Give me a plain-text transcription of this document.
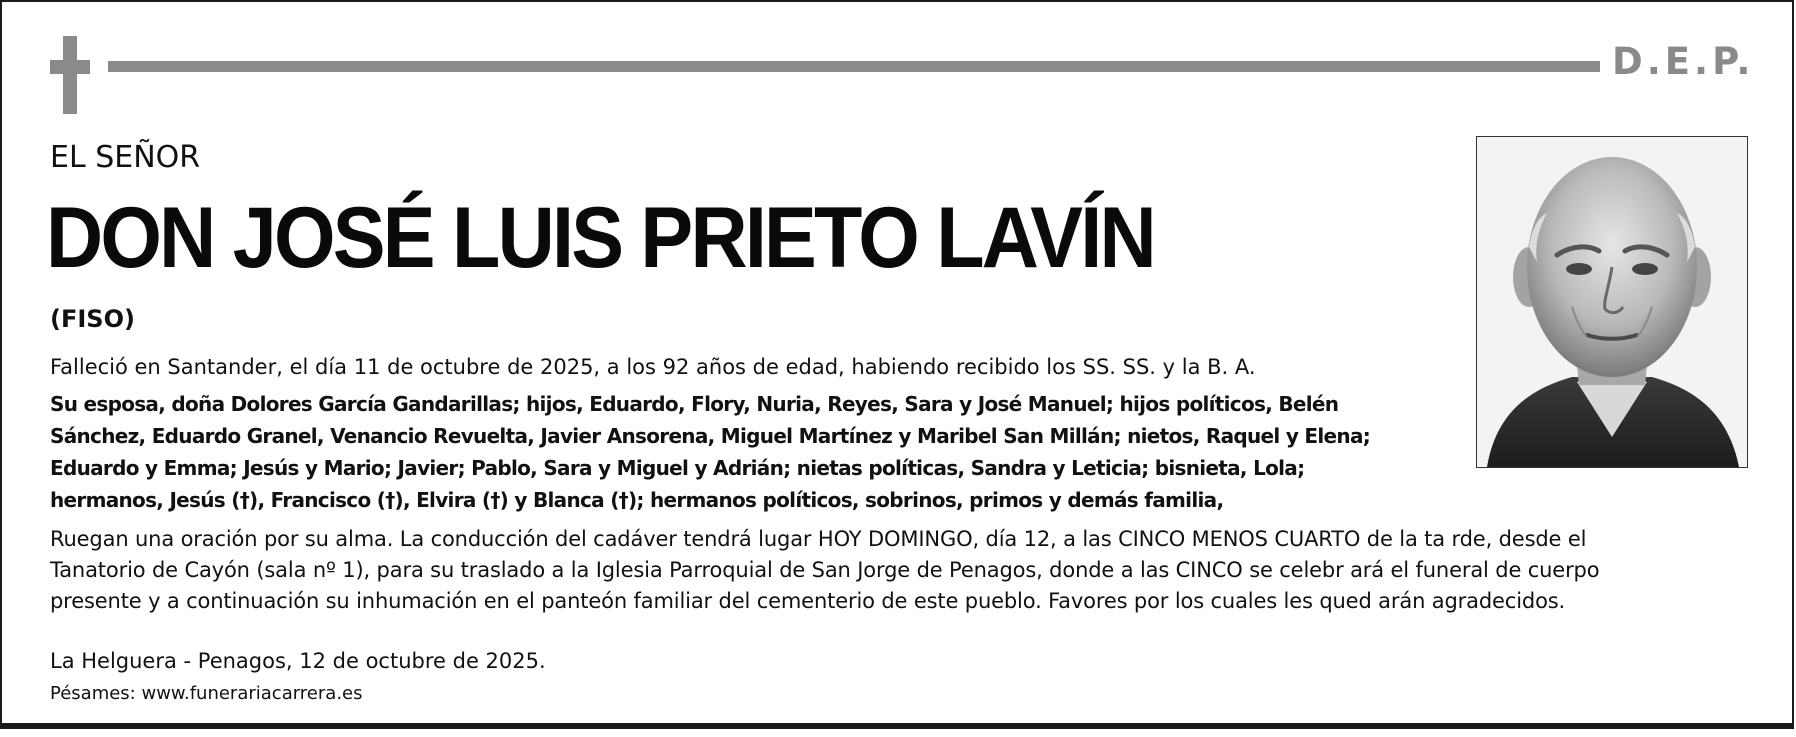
D.E.P.
EL SEÑOR
DON JOSÉ LUIS PRIETO LAVÍN
(FISO)
Falleció en Santander, el día 11 de octubre de 2025, a los 92 años de edad, habiendo recibido los SS. SS. y la B. A.
Su esposa, doña Dolores García Gandarillas; hijos, Eduardo, Flory, Nuria, Reyes, Sara y José Manuel; hijos políticos, Belén
Sánchez, Eduardo Granel, Venancio Revuelta, Javier Ansorena, Miguel Martínez y Maribel San Millán; nietos, Raquel y Elena;
Eduardo y Emma; Jesús y Mario; Javier; Pablo, Sara y Miguel y Adrián; nietas políticas, Sandra y Leticia; bisnieta, Lola;
hermanos, Jesús (†), Francisco (†), Elvira (†) y Blanca (†); hermanos políticos, sobrinos, primos y demás familia,
Ruegan una oración por su alma. La conducción del cadáver tendrá lugar HOY DOMINGO, día 12, a las CINCO MENOS CUARTO de la ta rde, desde el
Tanatorio de Cayón (sala nº 1), para su traslado a la Iglesia Parroquial de San Jorge de Penagos, donde a las CINCO se celebr ará el funeral de cuerpo
presente y a continuación su inhumación en el panteón familiar del cementerio de este pueblo. Favores por los cuales les qued arán agradecidos.
La Helguera - Penagos, 12 de octubre de 2025.
Pésames: www.funerariacarrera.es
